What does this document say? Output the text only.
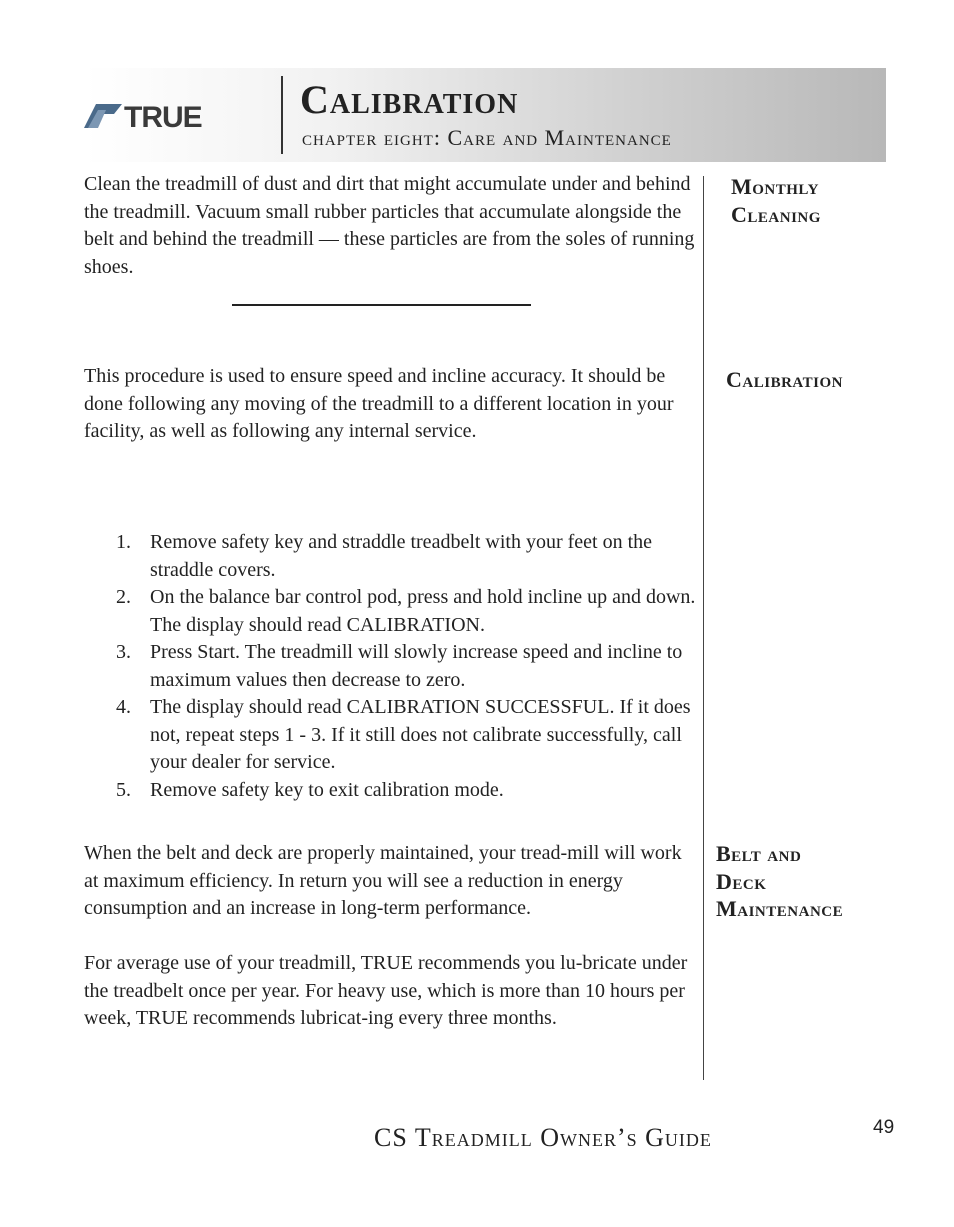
TRUE Calibration

chapter eight: Care and Maintenance

Clean the treadmill of dust and dirt that might accumulate under and behind the treadmill. Vacuum small rubber particles that accumulate alongside the belt and behind the treadmill — these particles are from the soles of running shoes.

Monthly
Cleaning

This procedure is used to ensure speed and incline accuracy. It should be done following any moving of the treadmill to a different location in your facility, as well as following any internal service.

Calibration
1. Remove safety key and straddle treadbelt with your feet on the straddle covers.
2. On the balance bar control pod, press and hold incline up and down. The display should read CALIBRATION.
3. Press Start. The treadmill will slowly increase speed and incline to maximum values then decrease to zero.
4. The display should read CALIBRATION SUCCESSFUL. If it does not, repeat steps 1 - 3. If it still does not calibrate successfully, call your dealer for service.
5. Remove safety key to exit calibration mode.

When the belt and deck are properly maintained, your tread-mill will work at maximum efficiency. In return you will see a reduction in energy consumption and an increase in long-term performance.

For average use of your treadmill, TRUE recommends you lu-bricate under the treadbelt once per year. For heavy use, which is more than 10 hours per week, TRUE recommends lubricat-ing every three months.

Belt and
Deck
Maintenance

CS Treadmill Owner’s Guide	49
